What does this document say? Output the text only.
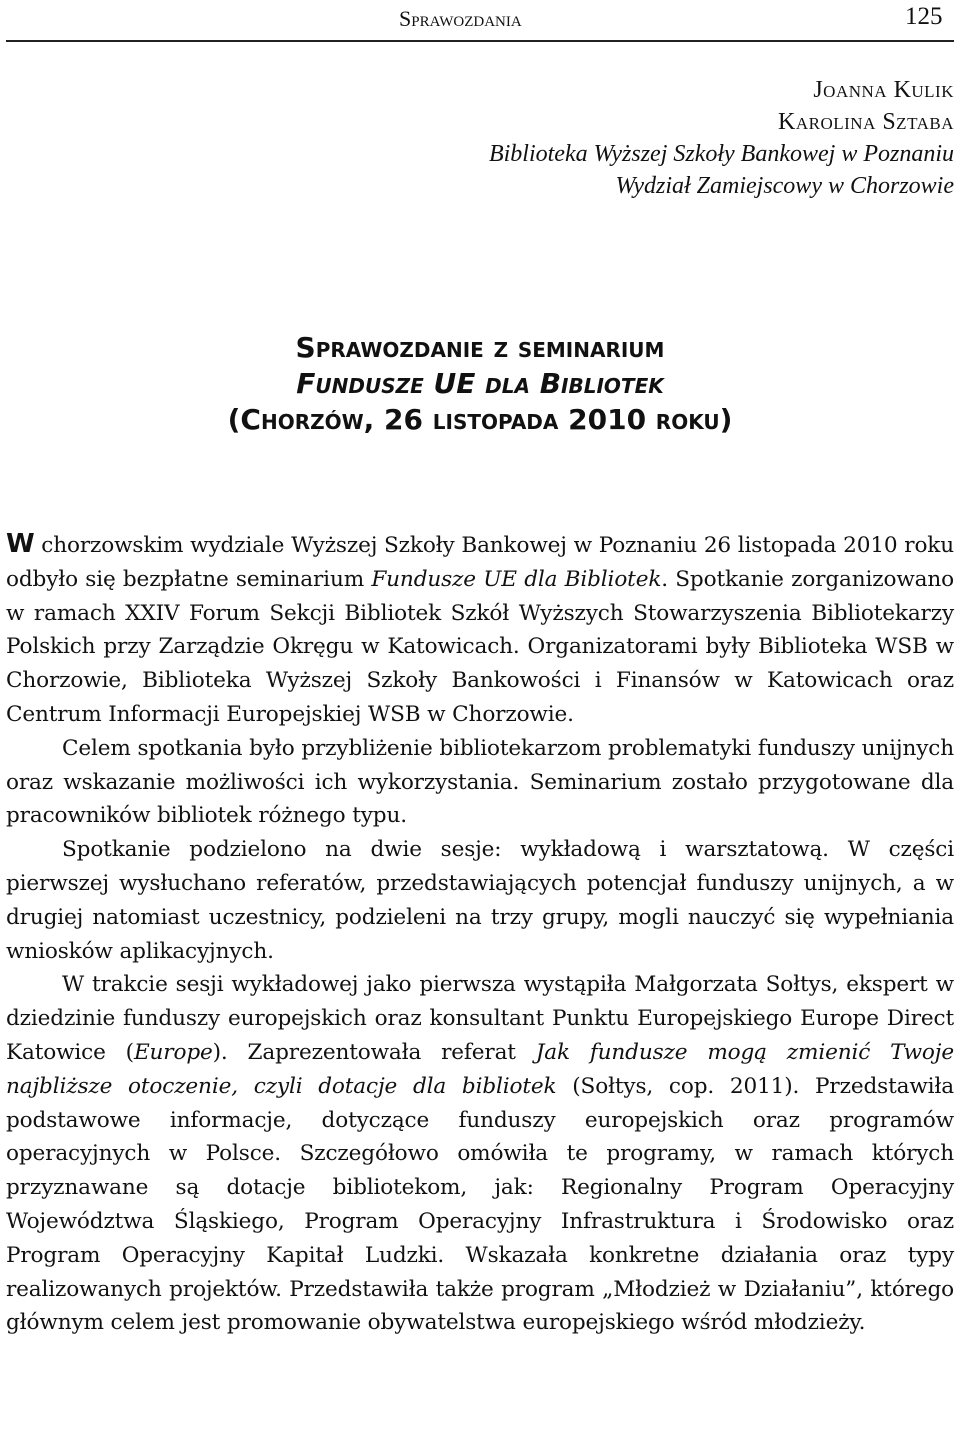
Sprawozdania	125
Joanna Kulik
Karolina Sztaba
Biblioteka Wyższej Szkoły Bankowej w Poznaniu
Wydział Zamiejscowy w Chorzowie
Sprawozdanie z seminarium
Fundusze UE dla Bibliotek
(Chorzów, 26 listopada 2010 roku)

W chorzowskim wydziale Wyższej Szkoły Bankowej w Poznaniu 26 listopada 2010 roku odbyło się bezpłatne seminarium Fundusze UE dla Bibliotek. Spotkanie zorganizowano w ramach XXIV Forum Sekcji Bibliotek Szkół Wyższych Stowarzyszenia Bibliotekarzy Polskich przy Zarządzie Okręgu w Katowicach. Organizatorami były Biblioteka WSB w Chorzowie, Biblioteka Wyższej Szkoły Bankowości i Finansów w Katowicach oraz Centrum Informacji Europejskiej WSB w Chorzowie.

Celem spotkania było przybliżenie bibliotekarzom problematyki funduszy unijnych oraz wskazanie możliwości ich wykorzystania. Seminarium zostało przygotowane dla pracowników bibliotek różnego typu.

Spotkanie podzielono na dwie sesje: wykładową i warsztatową. W części pierwszej wysłuchano referatów, przedstawiających potencjał funduszy unijnych, a w drugiej natomiast uczestnicy, podzieleni na trzy grupy, mogli nauczyć się wypełniania wniosków aplikacyjnych.

W trakcie sesji wykładowej jako pierwsza wystąpiła Małgorzata Sołtys, ekspert w dziedzinie funduszy europejskich oraz konsultant Punktu Europejskiego Europe Direct Katowice (Europe). Zaprezentowała referat Jak fundusze mogą zmienić Twoje najbliższe otoczenie, czyli dotacje dla bibliotek (Sołtys, cop. 2011). Przedstawiła podstawowe informacje, dotyczące funduszy europejskich oraz programów operacyjnych w Polsce. Szczegółowo omówiła te programy, w ramach których przyznawane są dotacje bibliotekom, jak: Regionalny Program Operacyjny Województwa Śląskiego, Program Operacyjny Infrastruktura i Środowisko oraz Program Operacyjny Kapitał Ludzki. Wskazała konkretne działania oraz typy realizowanych projektów. Przedstawiła także program „Młodzież w Działaniu”, którego głównym celem jest promowanie obywatelstwa europejskiego wśród młodzieży.
